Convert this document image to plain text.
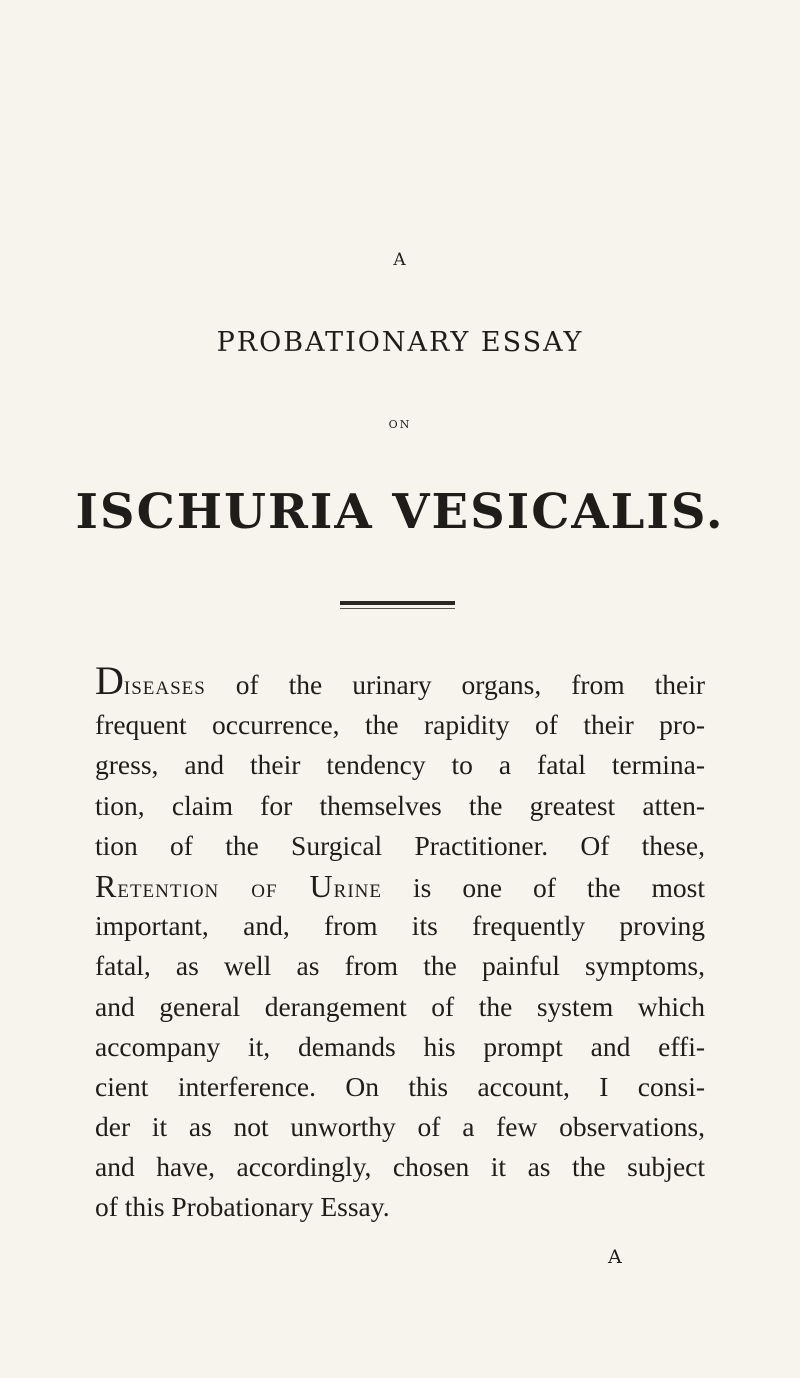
A
PROBATIONARY ESSAY
ON
ISCHURIA VESICALIS.
Diseases of the urinary organs, from their
frequent occurrence, the rapidity of their pro-
gress, and their tendency to a fatal termina-
tion, claim for themselves the greatest atten-
tion of the Surgical Practitioner. Of these,
Retention of Urine is one of the most
important, and, from its frequently proving
fatal, as well as from the painful symptoms,
and general derangement of the system which
accompany it, demands his prompt and effi-
cient interference. On this account, I consi-
der it as not unworthy of a few observations,
and have, accordingly, chosen it as the subject
of this Probationary Essay.
A
